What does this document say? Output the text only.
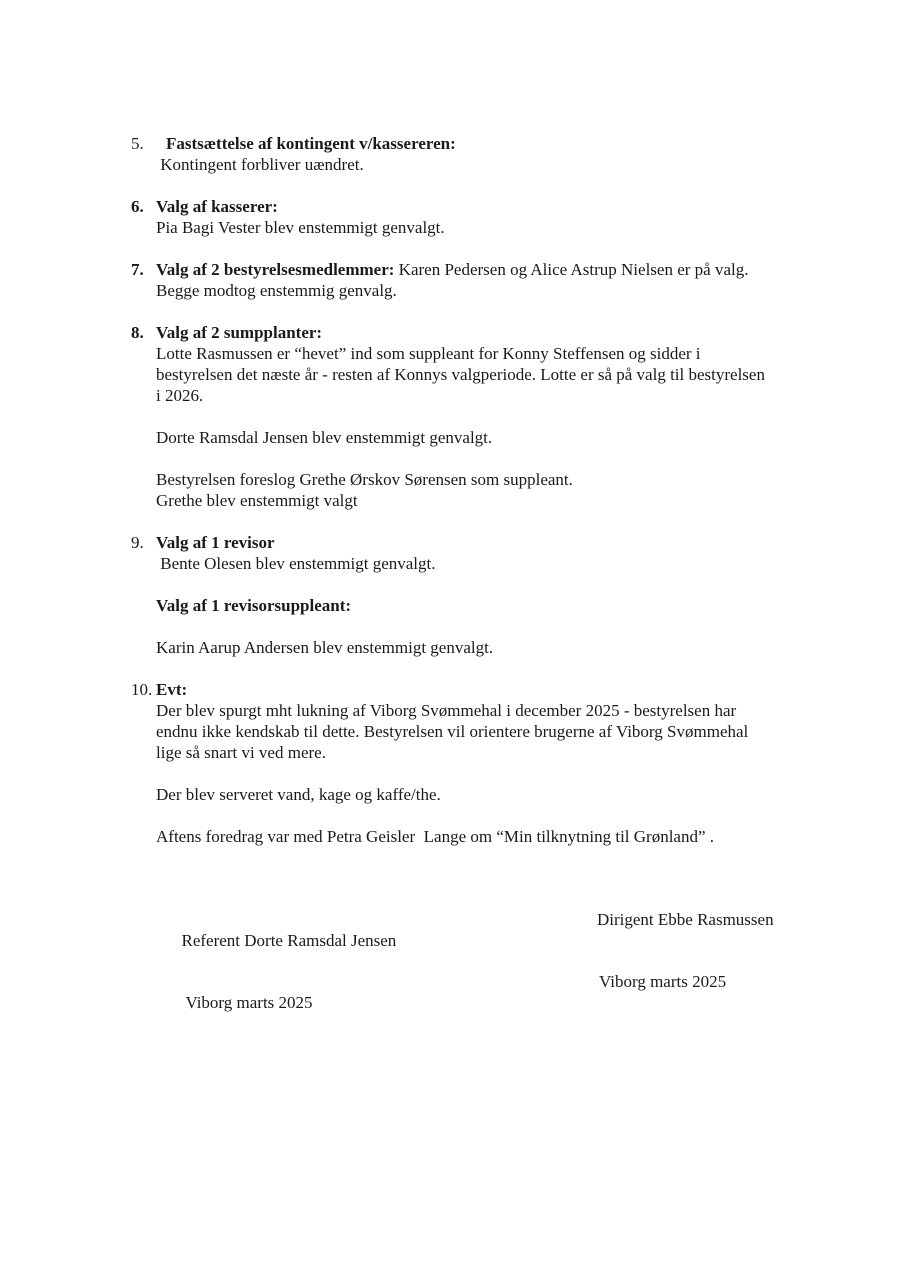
5.	Fastsættelse af kontingent v/kassereren:

Kontingent forbliver uændret.

6. Valg af kasserer:

Pia Bagi Vester blev enstemmigt genvalgt.

7. Valg af 2 bestyrelsesmedlemmer: Karen Pedersen og Alice Astrup Nielsen er på valg. Begge modtog enstemmig genvalg.

8. Valg af 2 sumpplanter:

Lotte Rasmussen er “hevet” ind som suppleant for Konny Steffensen og sidder i bestyrelsen det næste år - resten af Konnys valgperiode. Lotte er så på valg til bestyrelsen i 2026.

Dorte Ramsdal Jensen blev enstemmigt genvalgt.

Bestyrelsen foreslog Grethe Ørskov Sørensen som suppleant.

Grethe blev enstemmigt valgt

9. Valg af 1 revisor

Bente Olesen blev enstemmigt genvalgt.

Valg af 1 revisorsuppleant:

Karin Aarup Andersen blev enstemmigt genvalgt.

10. Evt:

Der blev spurgt mht lukning af Viborg Svømmehal i december 2025 - bestyrelsen har endnu ikke kendskab til dette. Bestyrelsen vil orientere brugerne af Viborg Svømmehal lige så snart vi ved mere.

Der blev serveret vand, kage og kaffe/the.

Aftens foredrag var med Petra Geisler  Lange om “Min tilknytning til Grønland” .

Referent Dorte Ramsdal Jensen

Dirigent Ebbe Rasmussen

Viborg marts 2025

Viborg marts 2025
